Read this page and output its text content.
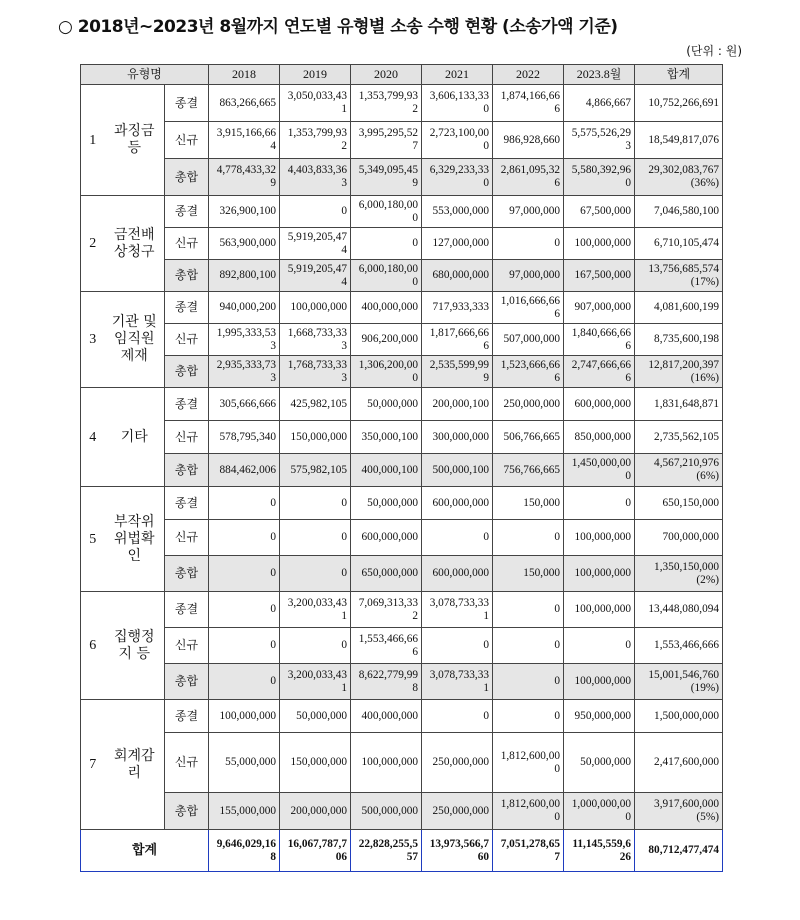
○ 2018년~2023년 8월까지 연도별 유형별 소송 수행 현황 (소송가액 기준)
(단위 : 원)
유형명			2018	2019	2020	2021	2022	2023.8월	합계
1	과징금등	종결	863,266,665	3,050,033,431	1,353,799,932	3,606,133,330	1,874,166,666	4,866,667	10,752,266,691
		신규	3,915,166,664	1,353,799,932	3,995,295,527	2,723,100,000	986,928,660	5,575,526,293	18,549,817,076
		총합	4,778,433,329	4,403,833,363	5,349,095,459	6,329,233,330	2,861,095,326	5,580,392,960	29,302,083,767 (36%)
2	금전배상청구	종결	326,900,100	0	6,000,180,000	553,000,000	97,000,000	67,500,000	7,046,580,100
		신규	563,900,000	5,919,205,474	0	127,000,000	0	100,000,000	6,710,105,474
		총합	892,800,100	5,919,205,474	6,000,180,000	680,000,000	97,000,000	167,500,000	13,756,685,574 (17%)
3	기관 및 임직원 제재	종결	940,000,200	100,000,000	400,000,000	717,933,333	1,016,666,666	907,000,000	4,081,600,199
		신규	1,995,333,533	1,668,733,333	906,200,000	1,817,666,666	507,000,000	1,840,666,666	8,735,600,198
		총합	2,935,333,733	1,768,733,333	1,306,200,000	2,535,599,999	1,523,666,666	2,747,666,666	12,817,200,397 (16%)
4	기타	종결	305,666,666	425,982,105	50,000,000	200,000,100	250,000,000	600,000,000	1,831,648,871
		신규	578,795,340	150,000,000	350,000,100	300,000,000	506,766,665	850,000,000	2,735,562,105
		총합	884,462,006	575,982,105	400,000,100	500,000,100	756,766,665	1,450,000,000	4,567,210,976 (6%)
5	부작위위법확인	종결	0	0	50,000,000	600,000,000	150,000	0	650,150,000
		신규	0	0	600,000,000	0	0	100,000,000	700,000,000
		총합	0	0	650,000,000	600,000,000	150,000	100,000,000	1,350,150,000 (2%)
6	집행정지 등	종결	0	3,200,033,431	7,069,313,332	3,078,733,331	0	100,000,000	13,448,080,094
		신규	0	0	1,553,466,666	0	0	0	1,553,466,666
		총합	0	3,200,033,431	8,622,779,998	3,078,733,331	0	100,000,000	15,001,546,760 (19%)
7	회계감리	종결	100,000,000	50,000,000	400,000,000	0	0	950,000,000	1,500,000,000
		신규	55,000,000	150,000,000	100,000,000	250,000,000	1,812,600,000	50,000,000	2,417,600,000
		총합	155,000,000	200,000,000	500,000,000	250,000,000	1,812,600,000	1,000,000,000	3,917,600,000 (5%)
합계			9,646,029,168	16,067,787,706	22,828,255,557	13,973,566,760	7,051,278,657	11,145,559,626	80,712,477,474
